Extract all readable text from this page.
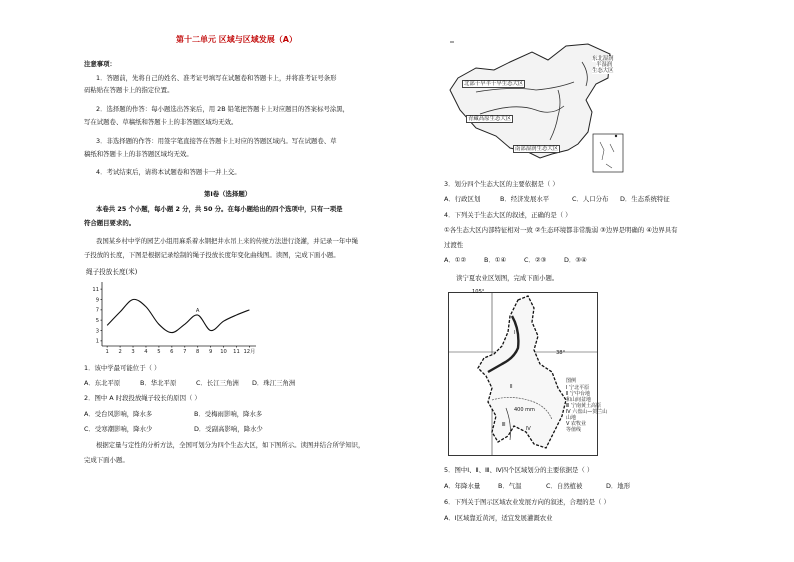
第十二单元 区域与区域发展（A）
注意事项：
1．答题前，先将自己的姓名、准考证号填写在试题卷和答题卡上，并将准考证号条形
码粘贴在答题卡上的指定位置。
2．选择题的作答：每小题选出答案后，用 2B 铅笔把答题卡上对应题目的答案标号涂黑，
写在试题卷、草稿纸和答题卡上的非答题区域均无效。
3．非选择题的作答：用签字笔直接答在答题卡上对应的答题区域内。写在试题卷、草
稿纸和答题卡上的非答题区域均无效。
4．考试结束后，请将本试题卷和答题卡一并上交。
第Ⅰ卷（选择题）
本卷共 25 个小题，每小题 2 分，共 50 分。在每小题给出的四个选项中，只有一项是
符合题目要求的。
我国某乡村中学的园艺小组用麻系着水钢把井水吊上来的传统方法进行浇灌，并记录一年中绳
子投放的长度，下图是根据记录绘制的绳子投放长度年变化曲线图。读图，完成下面小题。
绳子投放长度(米)
1
3
5
7
9
11
1 2 3 4 5 6 7 8 9 10 11 12月
A
1．该中学最可能位于（ ）
A．东北平原	B．华北平原	C．长江三角洲 D．珠江三角洲
2．图中 A 时段投放绳子较长的原因（ ）
A．受台风影响，降水多	B．受梅雨影响，降水多
C．受寒潮影响，降水少	D．受副高影响，降水少
根据定量与定性的分析方法，全国可划分为四个生态大区，如下图所示。读图并结合所学知识，
完成下面小题。
东北湿润
半湿润
生态大区
北部干旱半干旱生态大区
青藏高原生态大区
南部湿润生态大区
3．划分四个生态大区的主要依据是（ ）
A．行政区划	B．经济发展水平	C．人口分布 D．生态系统特征
4．下列关于生态大区的叙述，正确的是（ ）
①各生态大区内部特征相对一致 ②生态环境都非常脆弱 ③边界是明确的 ④边界具有
过渡性
A．①②	B．①④	C．②③	D．③④
读宁夏农业区划图，完成下面小题。
Ⅰ
Ⅱ
Ⅲ
Ⅳ
105°
38°
400 mm
图例
Ⅰ 宁北平原
Ⅱ 宁中台地
和山间盆地
Ⅲ 宁南黄土高原
Ⅳ 六盘山—贺兰山
山地
Ⅴ 农牧业
等值线
5．图中Ⅰ、Ⅱ、Ⅲ、Ⅳ四个区域划分的主要依据是（ ）
A．年降水量	B．气温	C．自然植被	D．地形
6．下列关于图示区域农业发展方向的叙述，合理的是（ ）
A．Ⅰ区域靠近黄河，适宜发展灌溉农业
